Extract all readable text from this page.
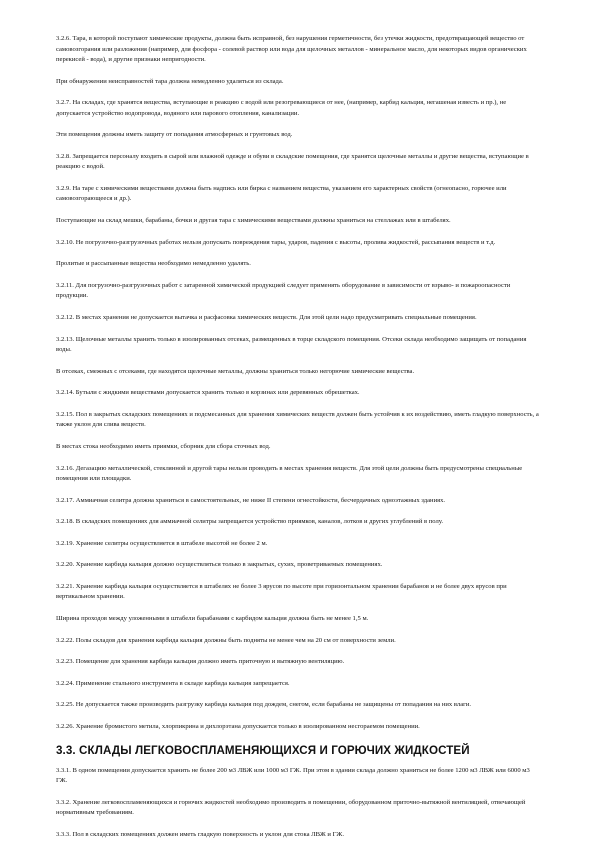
3.2.6. Тара, в которой поступают химические продукты, должна быть исправной, без нарушения герметичности, без утечки жидкости, предотвращающей вещество от самовозгорания или разложения (например, для фосфора - солевой раствор или вода для щелочных металлов - минеральное масло, для некоторых видов органических перекисей - вода), и другие признаки непригодности.
При обнаружении неисправностей тара должна немедленно удаляться из склада.
3.2.7. На складах, где хранятся вещества, вступающие в реакцию с водой или резогревающиеся от нее, (например, карбид кальция, негашеная известь и пр.), не допускается устройство водопровода, водяного или парового отопления, канализации.
Эти помещения должны иметь защиту от попадания атмосферных и грунтовых вод.
3.2.8. Запрещается персоналу входить в сырой или влажной одежде и обуви в складские помещения, где хранятся щелочные металлы и другие вещества, вступающие в реакцию с водой.
3.2.9. На таре с химическими веществами должна быть надпись или бирка с названием вещества, указанием его характерных свойств (огнеопасно, горючее или самовозгорающееся и др.).
Поступающие на склад мешки, барабаны, бочки и другая тара с химическими веществами должны храниться на стеллажах или в штабелях.
3.2.10. Не погрузочно-разгрузочных работах нельзя допускать повреждения тары, ударов, падения с высоты, пролива жидкостей, рассыпания веществ и т.д.
Пролитые и рассыпанные вещества необходимо немедленно удалять.
3.2.11. Для погрузочно-разгрузочных работ с затаренной химической продукцией следует применять оборудование в зависимости от взрыво- и пожароопасности продукции.
3.2.12. В местах хранения не допускается вытачка и расфасовка химических веществ. Для этой цели надо предусматривать специальные помещения.
3.2.13. Щелочные металлы хранить только в изолированных отсеках, размещенных в торце складского помещения. Отсеки склада необходимо защищать от попадания воды.
В отсеках, смежных с отсеками, где находятся щелочные металлы, должны храниться только негорючие химические вещества.
3.2.14. Бутыли с жидкими веществами допускается хранить только в корзинах или деревянных обрешетках.
3.2.15. Пол в закрытых складских помещениях и подсмесанных для хранения химических веществ должен быть устойчив к их воздействию, иметь гладкую поверхность, а также уклон для слива веществ.
В местах стока необходимо иметь приямки, сборник для сбора сточных вод.
3.2.16. Дегазацию металлической, стеклянной и другой тары нельзя проводить в местах хранения веществ. Для этой цели должны быть предусмотрены специальные помещения или площадки.
3.2.17. Аммиачная селитра должна храниться в самостоятельных, не ниже II степени огнестойкости, бесчердачных одноэтажных зданиях.
3.2.18. В складских помещениях для аммиачной селитры запрещается устройство приямков, каналов, лотков и других углублений в полу.
3.2.19. Хранение селитры осуществляется в штабеле высотой не более 2 м.
3.2.20. Хранение карбида кальция должно осуществляться только в закрытых, сухих, проветриваемых помещениях.
3.2.21. Хранение карбида кальция осуществляется в штабелях не более 3 ярусов по высоте при горизонтальном хранении барабанов и не более двух ярусов при вертикальном хранении.
Ширина проходов между уложенными в штабели барабанами с карбидом кальция должна быть не менее 1,5 м.
3.2.22. Полы складов для хранения карбида кальция должны быть подняты не менее чем на 20 см от поверхности земли.
3.2.23. Помещение для хранения карбида кальция должно иметь приточную и вытяжную вентиляцию.
3.2.24. Применение стального инструмента в складе карбида кальция запрещается.
3.2.25. Не допускается также производить разгрузку карбида кальция под дождем, снегом, если барабаны не защищены от попадания на них влаги.
3.2.26. Хранение бромистого метила, хлорпикрина и дихлорэтана допускается только в изолированном несгораемом помещении.
3.3. СКЛАДЫ ЛЕГКОВОСПЛАМЕНЯЮЩИХСЯ И ГОРЮЧИХ ЖИДКОСТЕЙ
3.3.1. В одном помещении допускается хранить не более 200 м3 ЛВЖ или 1000 м3 ГЖ. При этом в здании склада должно храниться не более 1200 м3 ЛВЖ или 6000 м3 ГЖ.
3.3.2. Хранение легковоспламеняющихся и горючих жидкостей необходимо производить в помещении, оборудованном приточно-вытяжной вентиляцией, отвечающей нормативным требованиям.
3.3.3. Пол в складских помещениях должен иметь гладкую поверхность и уклон для стока ЛВЖ и ГЖ.
